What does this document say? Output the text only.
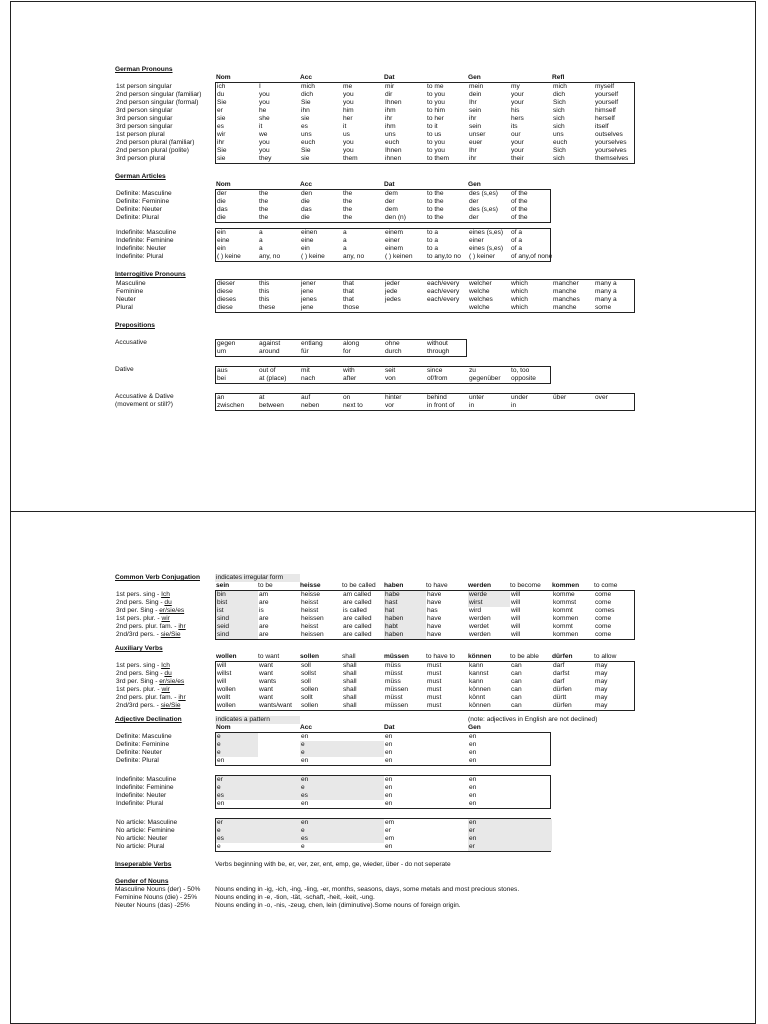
German Pronouns
Nom	Acc	Dat	Gen	Refl
1st person singular	ich	I	mich	me	mir	to me	mein	my	mich	myself
2nd person singular (familiar)	du	you	dich	you	dir	to you	dein	your	dich	yourself
2nd person singular (formal)	Sie	you	Sie	you	Ihnen	to you	Ihr	your	Sich	yourself
3rd person singular	er	he	ihn	him	ihm	to him	sein	his	sich	himself
3rd person singular	sie	she	sie	her	ihr	to her	ihr	hers	sich	herself
3rd person singular	es	it	es	it	ihm	to it	sein	its	sich	itself
1st person plural	wir	we	uns	us	uns	to us	unser	our	uns	outselves
2nd person plural (familiar)	ihr	you	euch	you	euch	to you	euer	your	euch	yourselves
2nd person plural (polite)	Sie	you	Sie	you	Ihnen	to you	Ihr	your	Sich	yourselves
3rd person plural	sie	they	sie	them	ihnen	to them	ihr	their	sich	themselves
German Articles
Nom	Acc	Dat	Gen
Definite: Masculine	der	the	den	the	dem	to the	des (s,es)	of the
Definite: Feminine	die	the	die	the	der	to the	der	of the
Definite: Neuter	das	the	das	the	dem	to the	des (s,es)	of the
Definite: Plural	die	the	die	the	den (n)	to the	der	of the
Indefinite: Masculine	ein	a	einen	a	einem	to a	eines (s,es)	of a
Indefinite: Feminine	eine	a	eine	a	einer	to a	einer	of a
Indefinite: Neuter	ein	a	ein	a	einem	to a	eines (s,es)	of a
Indefinite: Plural	( ) keine	any, no	( ) keine	any, no	( ) keinen	to any,to no	( ) keiner	of any,of none
Interrogitive Pronouns
Masculine	dieser	this	jener	that	jeder	each/every	welcher	which	mancher	many a
Feminine	diese	this	jene	that	jede	each/every	welche	which	manche	many a
Neuter	dieses	this	jenes	that	jedes	each/every	welches	which	manches	many a
Plural	diese	these	jene	those	welche	which	manche	some
Prepositions
Accusative	gegen	against	entlang	along	ohne	without
um	around	für	for	durch	through
Dative	aus	out of	mit	with	seit	since	zu	to, too
bei	at (place)	nach	after	von	of/from	gegenüber	opposite
Accusative & Dative
(movement or still?)
an	at	auf	on	hinter	behind	unter	under	über	over
zwischen	between	neben	next to	vor	in front of	in	in
Common Verb Conjugation	indicates irregular form
sein	to be	heisse	to be called	haben	to have	werden	to become	kommen	to come
1st pers. sing - Ich	bin	am	heisse	am called	habe	have	werde	will	komme	come
2nd pers. Sing - du	bist	are	heisst	are called	hast	have	wirst	will	kommst	come
3rd per. Sing - er/sie/es	ist	is	heisst	is called	hat	has	wird	will	kommt	comes
1st pers. plur. - wir	sind	are	heissen	are called	haben	have	werden	will	kommen	come
2nd pers. plur. fam. - ihr	seid	are	heisst	are called	habt	have	werdet	will	kommt	come
2nd/3rd pers. - sie/Sie	sind	are	heissen	are called	haben	have	werden	will	kommen	come
Auxiliary Verbs
wollen	to want	sollen	shall	müssen	to have to	können	to be able	dürfen	to allow
1st pers. sing - Ich	will	want	soll	shall	müss	must	kann	can	darf	may
2nd pers. Sing - du	willst	want	sollst	shall	müsst	must	kannst	can	darfst	may
3rd per. Sing - er/sie/es	will	wants	soll	shall	müss	must	kann	can	darf	may
1st pers. plur. - wir	wollen	want	sollen	shall	müssen	must	können	can	dürfen	may
2nd pers. plur. fam. - ihr	wollt	want	sollt	shall	müsst	must	könnt	can	dürtt	may
2nd/3rd pers. - sie/Sie	wollen	wants/want	sollen	shall	müssen	must	können	can	dürfen	may
Adjective Declination	indicates a pattern	(note: adjectives in English are not declined)
Nom	Acc	Dat	Gen
Definite: Masculine	e	en	en	en
Definite: Feminine	e	e	en	en
Definite: Neuter	e	e	en	en
Definite: Plural	en	en	en	en
Indefinite: Masculine	er	en	en	en
Indefinite: Feminine	e	e	en	en
Indefinite: Neuter	es	es	en	en
Indefinite: Plural	en	en	en	en
No article: Masculine	er	en	em	en
No article: Feminine	e	e	er	er
No article: Neuter	es	es	em	en
No article: Plural	e	e	en	er
Inseperable Verbs	Verbs beginning with be, er, ver, zer, ent, emp, ge, wieder, über - do not seperate
Gender of Nouns
Masculine Nouns (der) - 50%	Nouns ending in -ig, -ich, -ing, -ling, -er, months, seasons, days, some metals and most precious stones.
Feminine Nouns (die) - 25%	Nouns ending in -e, -tion, -tät, -schaft, -heit, -keit, -ung.
Neuter Nouns (das) -25%	Nouns ending in -o, -nis, -zeug, chen, lein (diminutive).Some nouns of foreign origin.
